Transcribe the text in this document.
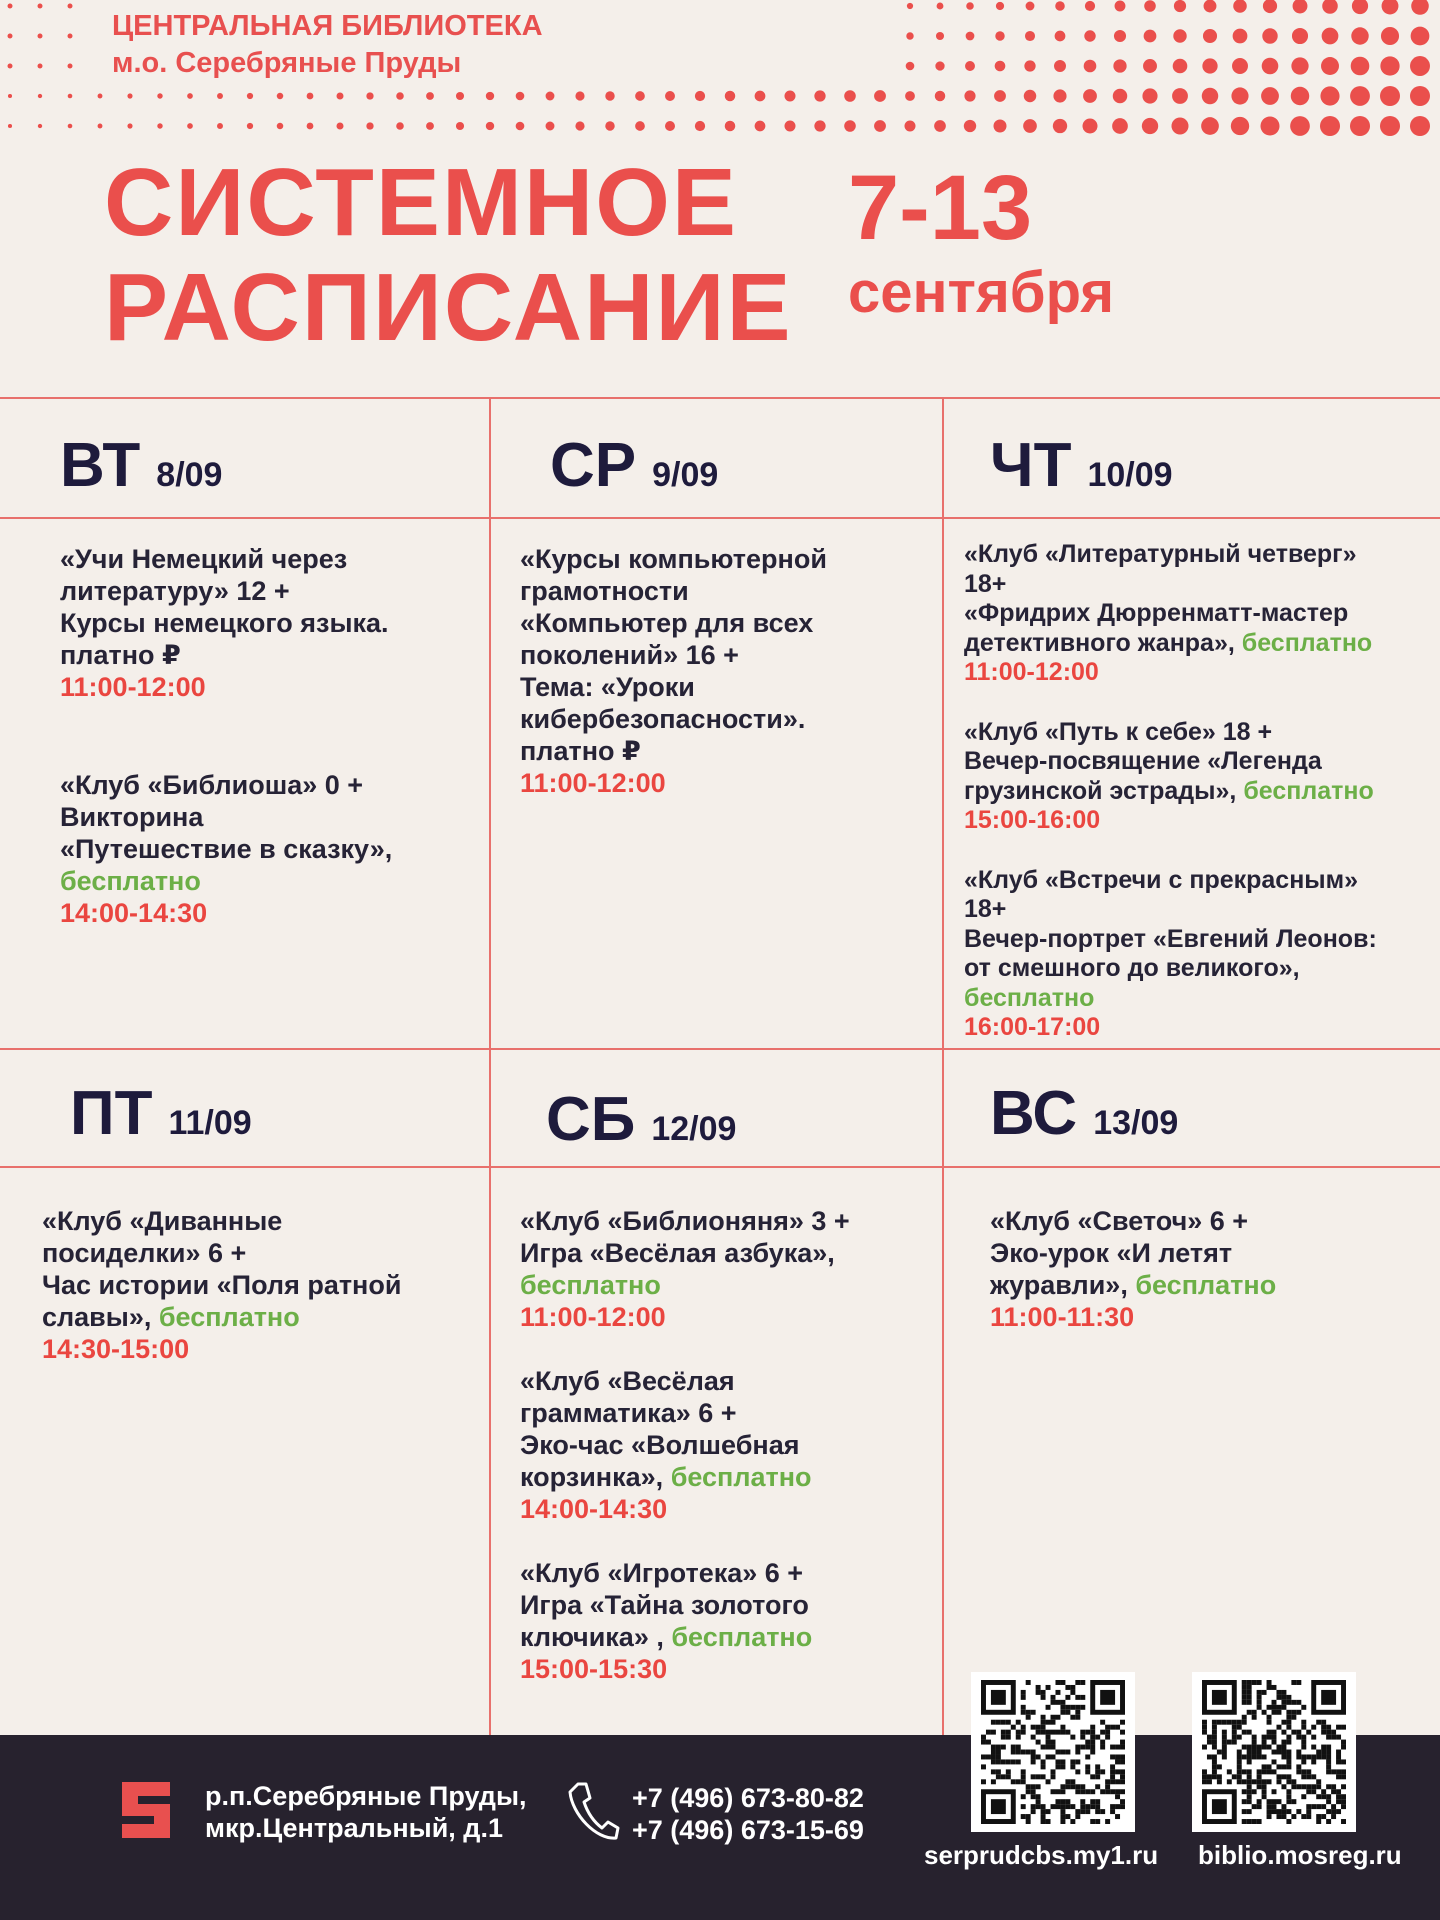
ЦЕНТРАЛЬНАЯ БИБЛИОТЕКА
м.о. Серебряные Пруды
СИСТЕМНОЕ
РАСПИСАНИЕ
7-13
сентября
ВТ 8/09
«Учи Немецкий через
литературу» 12 +
Курсы немецкого языка.
платно ₽
11:00-12:00
«Клуб «Библиоша» 0 +
Викторина
«Путешествие в сказку»,
бесплатно
14:00-14:30
СР 9/09
«Курсы компьютерной
грамотности
«Компьютер для всех
поколений» 16 +
Тема: «Уроки
кибербезопасности».
платно ₽
11:00-12:00
ЧТ 10/09
«Клуб «Литературный четверг»
18+
«Фридрих Дюрренматт-мастер
детективного жанра», бесплатно
11:00-12:00
«Клуб «Путь к себе» 18 +
Вечер-посвящение «Легенда
грузинской эстрады», бесплатно
15:00-16:00
«Клуб «Встречи с прекрасным»
18+
Вечер-портрет «Евгений Леонов:
от смешного до великого»,
бесплатно
16:00-17:00
ПТ 11/09
«Клуб «Диванные
посиделки» 6 +
Час истории «Поля ратной
славы», бесплатно
14:30-15:00
СБ 12/09
«Клуб «Библионяня» 3 +
Игра «Весёлая азбука»,
бесплатно
11:00-12:00
«Клуб «Весёлая
грамматика» 6 +
Эко-час «Волшебная
корзинка», бесплатно
14:00-14:30
«Клуб «Игротека» 6 +
Игра «Тайна золотого
ключика» , бесплатно
15:00-15:30
ВС 13/09
«Клуб «Светоч» 6 +
Эко-урок «И летят
журавли», бесплатно
11:00-11:30
р.п.Серебряные Пруды,
мкр.Центральный, д.1
+7 (496) 673-80-82
+7 (496) 673-15-69
serprudcbs.my1.ru biblio.mosreg.ru
